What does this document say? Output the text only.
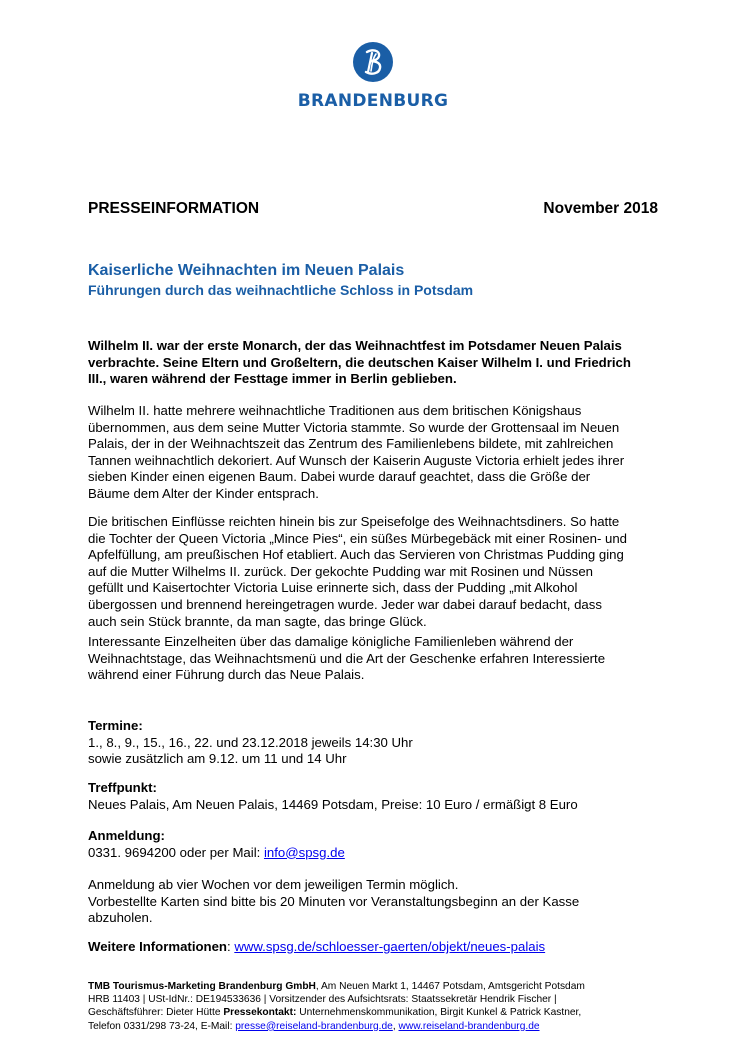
BRANDENBURG
PRESSEINFORMATION	November 2018
Kaiserliche Weihnachten im Neuen Palais
Führungen durch das weihnachtliche Schloss in Potsdam
Wilhelm II. war der erste Monarch, der das Weihnachtfest im Potsdamer Neuen Palais
verbrachte. Seine Eltern und Großeltern, die deutschen Kaiser Wilhelm I. und Friedrich
III., waren während der Festtage immer in Berlin geblieben.
Wilhelm II. hatte mehrere weihnachtliche Traditionen aus dem britischen Königshaus
übernommen, aus dem seine Mutter Victoria stammte. So wurde der Grottensaal im Neuen
Palais, der in der Weihnachtszeit das Zentrum des Familienlebens bildete, mit zahlreichen
Tannen weihnachtlich dekoriert. Auf Wunsch der Kaiserin Auguste Victoria erhielt jedes ihrer
sieben Kinder einen eigenen Baum. Dabei wurde darauf geachtet, dass die Größe der
Bäume dem Alter der Kinder entsprach.
Die britischen Einflüsse reichten hinein bis zur Speisefolge des Weihnachtsdiners. So hatte
die Tochter der Queen Victoria „Mince Pies“, ein süßes Mürbegebäck mit einer Rosinen- und
Apfelfüllung, am preußischen Hof etabliert. Auch das Servieren von Christmas Pudding ging
auf die Mutter Wilhelms II. zurück. Der gekochte Pudding war mit Rosinen und Nüssen
gefüllt und Kaisertochter Victoria Luise erinnerte sich, dass der Pudding „mit Alkohol
übergossen und brennend hereingetragen wurde. Jeder war dabei darauf bedacht, dass
auch sein Stück brannte, da man sagte, das bringe Glück.
Interessante Einzelheiten über das damalige königliche Familienleben während der
Weihnachtstage, das Weihnachtsmenü und die Art der Geschenke erfahren Interessierte
während einer Führung durch das Neue Palais.
Termine:
1., 8., 9., 15., 16., 22. und 23.12.2018 jeweils 14:30 Uhr
sowie zusätzlich am 9.12. um 11 und 14 Uhr
Treffpunkt:
Neues Palais, Am Neuen Palais, 14469 Potsdam, Preise: 10 Euro / ermäßigt 8 Euro
Anmeldung:
0331. 9694200 oder per Mail: info@spsg.de
Anmeldung ab vier Wochen vor dem jeweiligen Termin möglich.
Vorbestellte Karten sind bitte bis 20 Minuten vor Veranstaltungsbeginn an der Kasse
abzuholen.
Weitere Informationen: www.spsg.de/schloesser-gaerten/objekt/neues-palais
TMB Tourismus-Marketing Brandenburg GmbH, Am Neuen Markt 1, 14467 Potsdam, Amtsgericht Potsdam
HRB 11403 | USt-IdNr.: DE194533636 | Vorsitzender des Aufsichtsrats: Staatssekretär Hendrik Fischer |
Geschäftsführer: Dieter Hütte Pressekontakt: Unternehmenskommunikation, Birgit Kunkel & Patrick Kastner,
Telefon 0331/298 73-24, E-Mail: presse@reiseland-brandenburg.de, www.reiseland-brandenburg.de
